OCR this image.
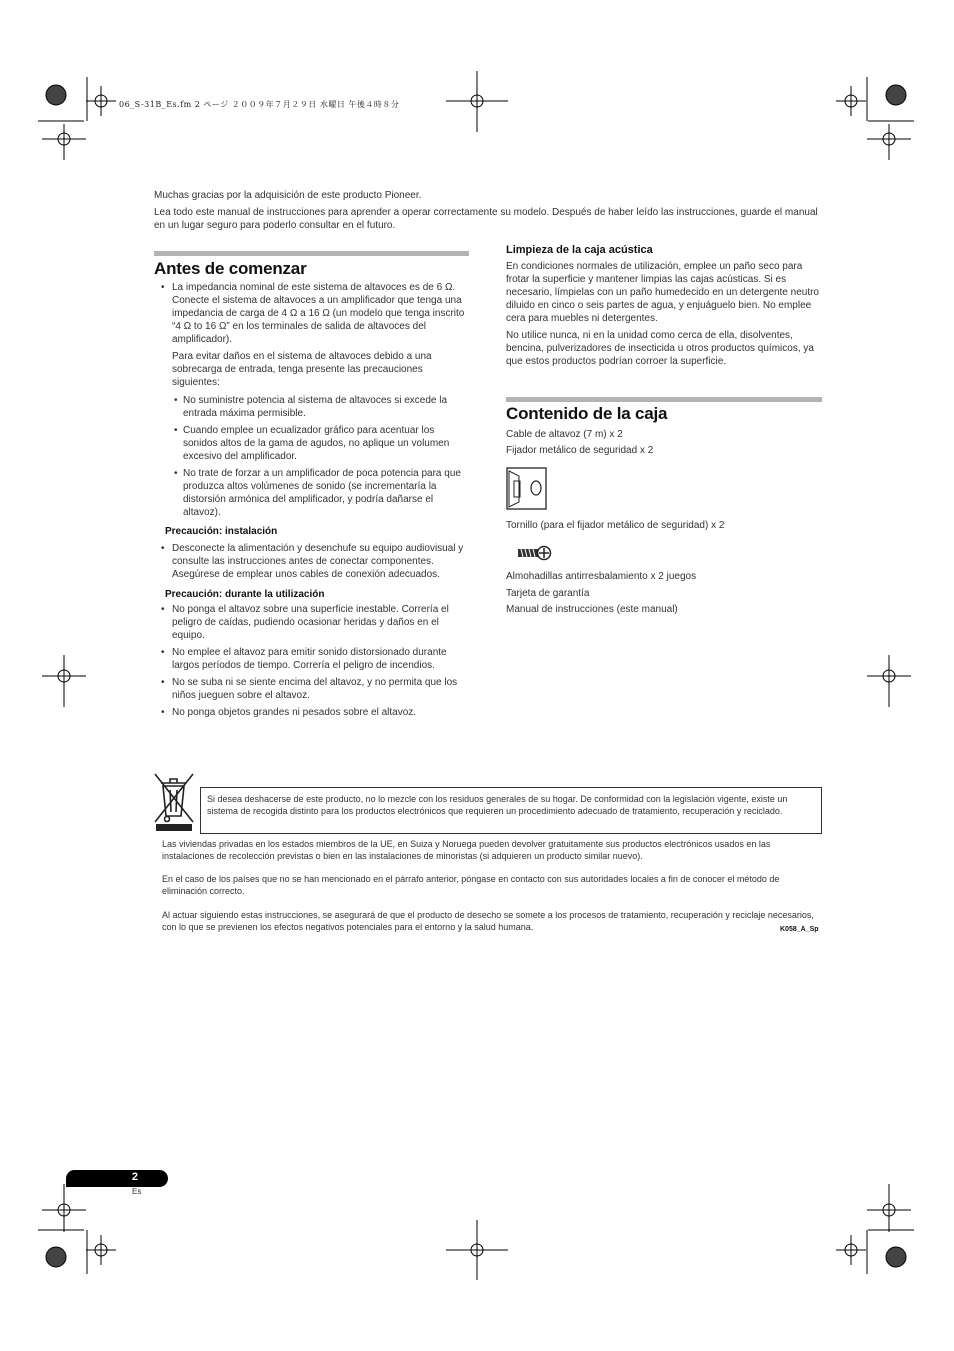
06_S-31B_Es.fm 2 ページ ２００９年７月２９日 水曜日 午後４時８分

Muchas gracias por la adquisición de este producto Pioneer.

Lea todo este manual de instrucciones para aprender a operar correctamente su modelo. Después de haber leído las instrucciones, guarde el manual en un lugar seguro para poderlo consultar en el futuro.

Antes de comenzar
• La impedancia nominal de este sistema de altavoces es de 6 Ω. Conecte el sistema de altavoces a un amplificador que tenga una impedancia de carga de 4 Ω a 16 Ω (un modelo que tenga inscrito “4 Ω to 16 Ω” en los terminales de salida de altavoces del amplificador).
Para evitar daños en el sistema de altavoces debido a una sobrecarga de entrada, tenga presente las precauciones siguientes:
• No suministre potencia al sistema de altavoces si excede la entrada máxima permisible.
• Cuando emplee un ecualizador gráfico para acentuar los sonidos altos de la gama de agudos, no aplique un volumen excesivo del amplificador.
• No trate de forzar a un amplificador de poca potencia para que produzca altos volúmenes de sonido (se incrementaría la distorsión armónica del amplificador, y podría dañarse el altavoz).
Precaución: instalación
• Desconecte la alimentación y desenchufe su equipo audiovisual y consulte las instrucciones antes de conectar componentes. Asegúrese de emplear unos cables de conexión adecuados.
Precaución: durante la utilización
• No ponga el altavoz sobre una superficie inestable. Correría el peligro de caídas, pudiendo ocasionar heridas y daños en el equipo.
• No emplee el altavoz para emitir sonido distorsionado durante largos períodos de tiempo. Correría el peligro de incendios.
• No se suba ni se siente encima del altavoz, y no permita que los niños jueguen sobre el altavoz.
• No ponga objetos grandes ni pesados sobre el altavoz.
Limpieza de la caja acústica

En condiciones normales de utilización, emplee un paño seco para frotar la superficie y mantener limpias las cajas acústicas. Si es necesario, límpielas con un paño humedecido en un detergente neutro diluido en cinco o seis partes de agua, y enjuáguelo bien. No emplee cera para muebles ni detergentes.

No utilice nunca, ni en la unidad como cerca de ella, disolventes, bencina, pulverizadores de insecticida u otros productos químicos, ya que estos productos podrían corroer la superficie.

Contenido de la caja
Cable de altavoz (7 m) x 2
Fijador metálico de seguridad x 2
Tornillo (para el fijador metálico de seguridad) x 2
Almohadillas antirresbalamiento x 2 juegos
Tarjeta de garantía
Manual de instrucciones (este manual)
Si desea deshacerse de este producto, no lo mezcle con los residuos generales de su hogar. De conformidad con la legislación vigente, existe un sistema de recogida distinto para los productos electrónicos que requieren un procedimiento adecuado de tratamiento, recuperación y reciclado.
Las viviendas privadas en los estados miembros de la UE, en Suiza y Noruega pueden devolver gratuitamente sus productos electrónicos usados en las instalaciones de recolección previstas o bien en las instalaciones de minoristas (si adquieren un producto similar nuevo).
En el caso de los países que no se han mencionado en el párrafo anterior, póngase en contacto con sus autoridades locales a fin de conocer el método de eliminación correcto.
Al actuar siguiendo estas instrucciones, se asegurará de que el producto de desecho se somete a los procesos de tratamiento, recuperación y reciclaje necesarios, con lo que se previenen los efectos negativos potenciales para el entorno y la salud humana.	K058_A_Sp
2
Es
